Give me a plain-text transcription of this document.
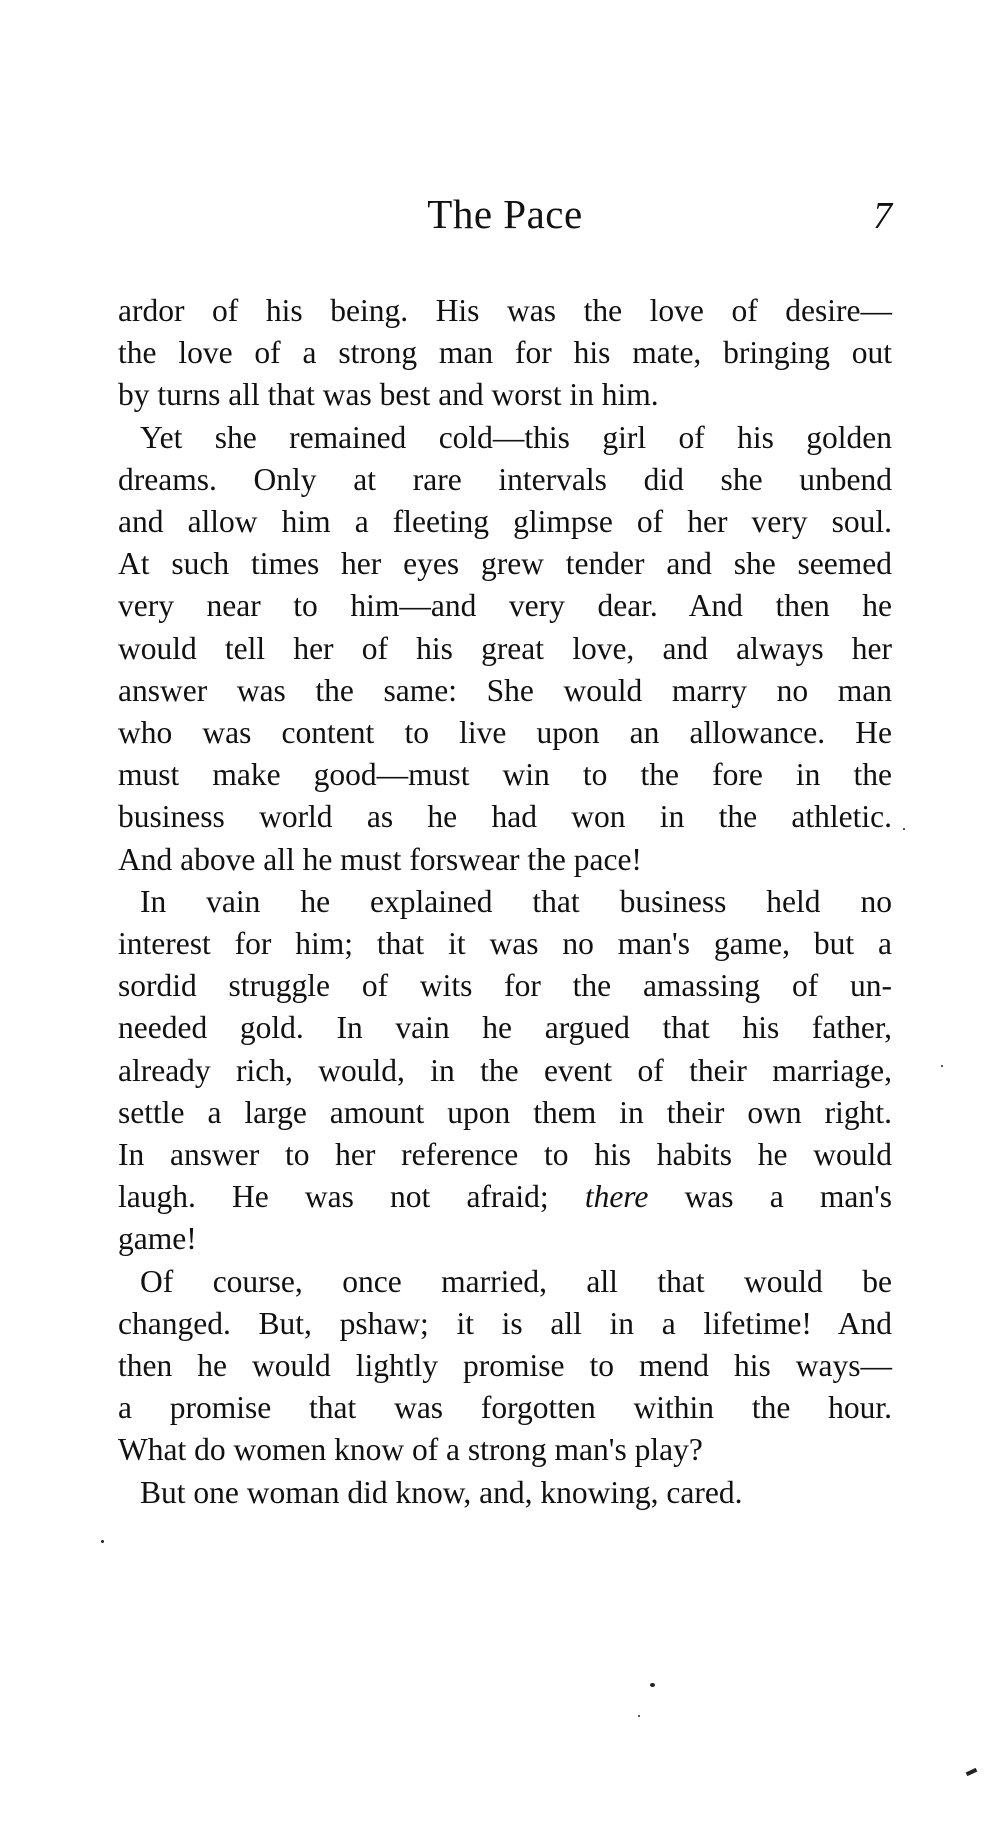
The Pace	7

ardor of his being. His was the love of desire—
the love of a strong man for his mate, bringing out
by turns all that was best and worst in him.

Yet she remained cold—this girl of his golden
dreams. Only at rare intervals did she unbend
and allow him a fleeting glimpse of her very soul.
At such times her eyes grew tender and she seemed
very near to him—and very dear. And then he
would tell her of his great love, and always her
answer was the same: She would marry no man
who was content to live upon an allowance. He
must make good—must win to the fore in the
business world as he had won in the athletic.
And above all he must forswear the pace!

In vain he explained that business held no
interest for him; that it was no man's game, but a
sordid struggle of wits for the amassing of un-
needed gold. In vain he argued that his father,
already rich, would, in the event of their marriage,
settle a large amount upon them in their own right.
In answer to her reference to his habits he would
laugh. He was not afraid; there was a man's
game!

Of course, once married, all that would be
changed. But, pshaw; it is all in a lifetime! And
then he would lightly promise to mend his ways—
a promise that was forgotten within the hour.
What do women know of a strong man's play?

But one woman did know, and, knowing, cared.
